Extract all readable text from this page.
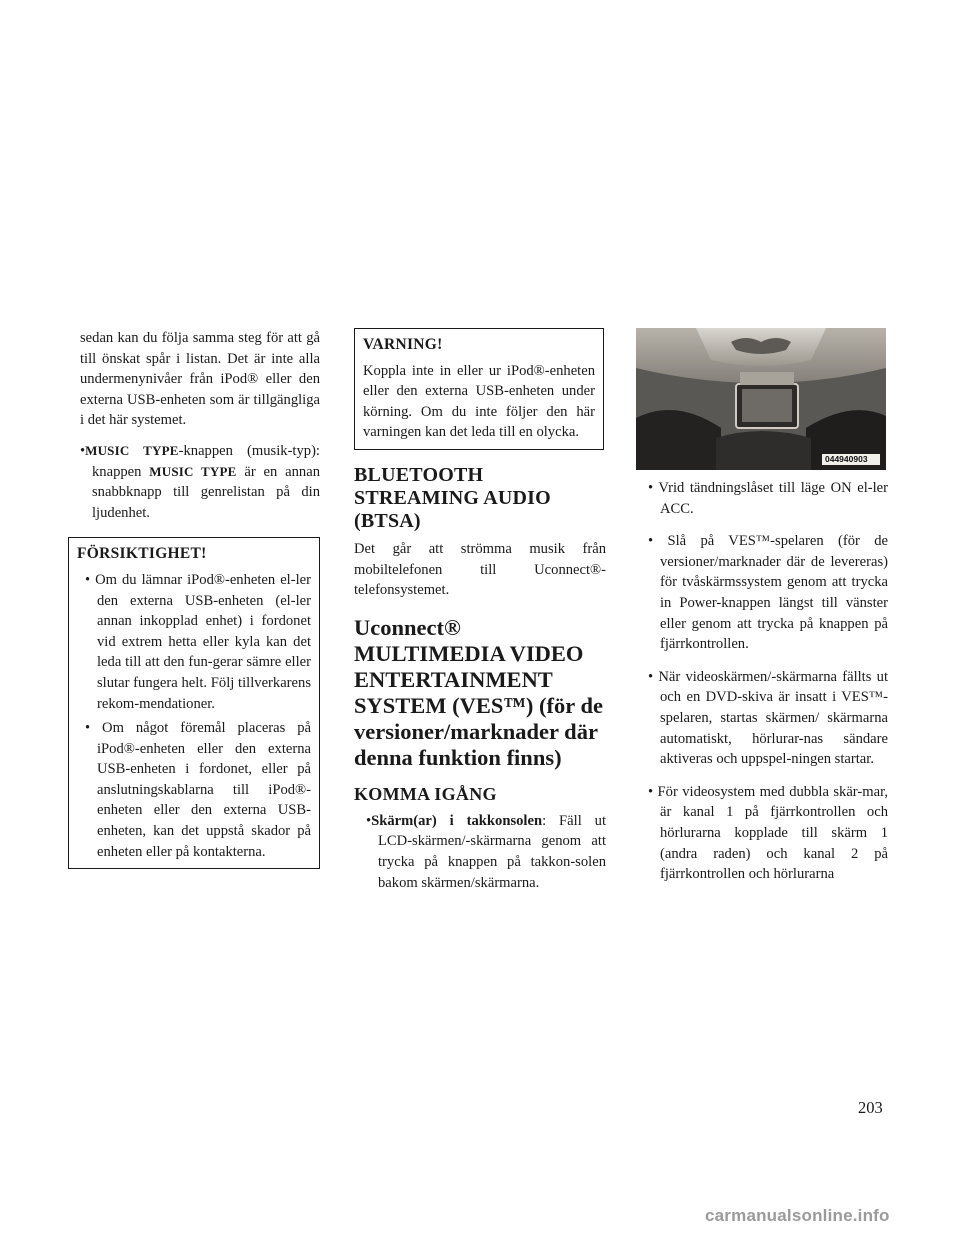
sedan kan du följa samma steg för att gå till önskat spår i listan. Det är inte alla undermenynivåer från iPod® eller den externa USB-enheten som är tillgängliga i det här systemet.

•MUSIC TYPE-knappen (musik-typ): knappen MUSIC TYPE är en annan snabbknapp till genrelistan på din ljudenhet.

FÖRSIKTIGHET!

• Om du lämnar iPod®-enheten el-ler den externa USB-enheten (el-ler annan inkopplad enhet) i fordonet vid extrem hetta eller kyla kan det leda till att den fun-gerar sämre eller slutar fungera helt. Följ tillverkarens rekom-mendationer.

• Om något föremål placeras på iPod®-enheten eller den externa USB-enheten i fordonet, eller på anslutningskablarna till iPod®-enheten eller den externa USB-enheten, kan det uppstå skador på enheten eller på kontakterna.

VARNING!

Koppla inte in eller ur iPod®-enheten eller den externa USB-enheten under körning. Om du inte följer den här varningen kan det leda till en olycka.

BLUETOOTH STREAMING AUDIO (BTSA)

Det går att strömma musik från mobiltelefonen till Uconnect®-telefonsystemet.

Uconnect® MULTIMEDIA VIDEO ENTERTAINMENT SYSTEM (VES™) (för de versioner/marknader där denna funktion finns)
KOMMA IGÅNG

•Skärm(ar) i takkonsolen: Fäll ut LCD-skärmen/-skärmarna genom att trycka på knappen på takkon-solen bakom skärmen/skärmarna.

044940903

• Vrid tändningslåset till läge ON el-ler ACC.

• Slå på VES™-spelaren (för de versioner/marknader där de levereras) för tvåskärmssystem genom att trycka in Power-knappen längst till vänster eller genom att trycka på knappen på fjärrkontrollen.

• När videoskärmen/-skärmarna fällts ut och en DVD-skiva är insatt i VES™-spelaren, startas skärmen/ skärmarna automatiskt, hörlurar-nas sändare aktiveras och uppspel-ningen startar.

• För videosystem med dubbla skär-mar, är kanal 1 på fjärrkontrollen och hörlurarna kopplade till skärm 1 (andra raden) och kanal 2 på fjärrkontrollen och hörlurarna

203
carmanualsonline.info
